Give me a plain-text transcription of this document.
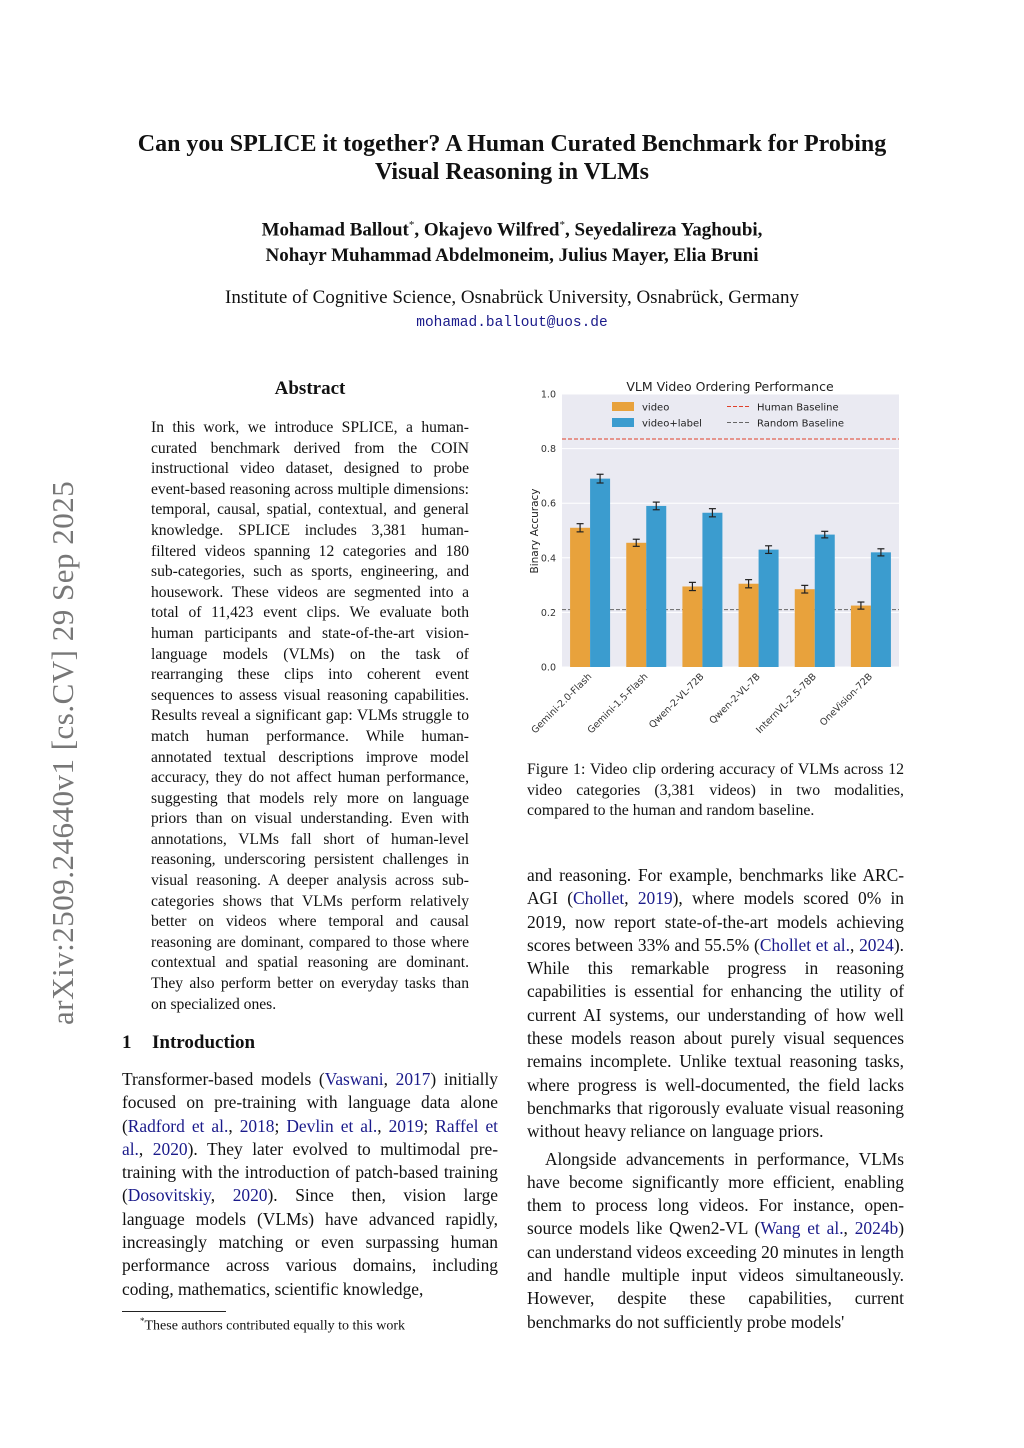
arXiv:2509.24640v1 [cs.CV] 29 Sep 2025
Can you SPLICE it together? A Human Curated Benchmark for Probing
Visual Reasoning in VLMs
Mohamad Ballout*, Okajevo Wilfred*, Seyedalireza Yaghoubi,
Nohayr Muhammad Abdelmoneim, Julius Mayer, Elia Bruni
Institute of Cognitive Science, Osnabrück University, Osnabrück, Germany
mohamad.ballout@uos.de
Abstract
In this work, we introduce SPLICE, a human-curated benchmark derived from the COIN instructional video dataset, designed to probe event-based reasoning across multiple dimensions: temporal, causal, spatial, contextual, and general knowledge. SPLICE includes 3,381 human-filtered videos spanning 12 categories and 180 sub-categories, such as sports, engineering, and housework. These videos are segmented into a total of 11,423 event clips. We evaluate both human participants and state-of-the-art vision-language models (VLMs) on the task of rearranging these clips into coherent event sequences to assess visual reasoning capabilities. Results reveal a significant gap: VLMs struggle to match human performance. While human-annotated textual descriptions improve model accuracy, they do not affect human performance, suggesting that models rely more on language priors than on visual understanding. Even with annotations, VLMs fall short of human-level reasoning, underscoring persistent challenges in visual reasoning. A deeper analysis across sub-categories shows that VLMs perform relatively better on videos where temporal and causal reasoning are dominant, compared to those where contextual and spatial reasoning are dominant. They also perform better on everyday tasks than on specialized ones.
1 Introduction
Transformer-based models (Vaswani, 2017) initially focused on pre-training with language data alone (Radford et al., 2018; Devlin et al., 2019; Raffel et al., 2020). They later evolved to multimodal pre-training with the introduction of patch-based training (Dosovitskiy, 2020). Since then, vision large language models (VLMs) have advanced rapidly, increasingly matching or even surpassing human performance across various domains, including coding, mathematics, scientific knowledge,
*These authors contributed equally to this work
VLM Video Ordering Performance
0.0
0.2
0.4
0.6
0.8
1.0
Gemini-2.0-Flash
Gemini-1.5-Flash
Qwen-2-VL-72B Qwen-2-VL-7B
InternVL-2.5-78B OneVision-72B
Binary Accuracy
video
video+label
Human Baseline
Random Baseline
Figure 1: Video clip ordering accuracy of VLMs across 12 video categories (3,381 videos) in two modalities, compared to the human and random baseline.

and reasoning. For example, benchmarks like ARC-AGI (Chollet, 2019), where models scored 0% in 2019, now report state-of-the-art models achieving scores between 33% and 55.5% (Chollet et al., 2024). While this remarkable progress in reasoning capabilities is essential for enhancing the utility of current AI systems, our understanding of how well these models reason about purely visual sequences remains incomplete. Unlike textual reasoning tasks, where progress is well-documented, the field lacks benchmarks that rigorously evaluate visual reasoning without heavy reliance on language priors.

Alongside advancements in performance, VLMs have become significantly more efficient, enabling them to process long videos. For instance, open-source models like Qwen2-VL (Wang et al., 2024b) can understand videos exceeding 20 minutes in length and handle multiple input videos simultaneously. However, despite these capabilities, current benchmarks do not sufficiently probe models'
